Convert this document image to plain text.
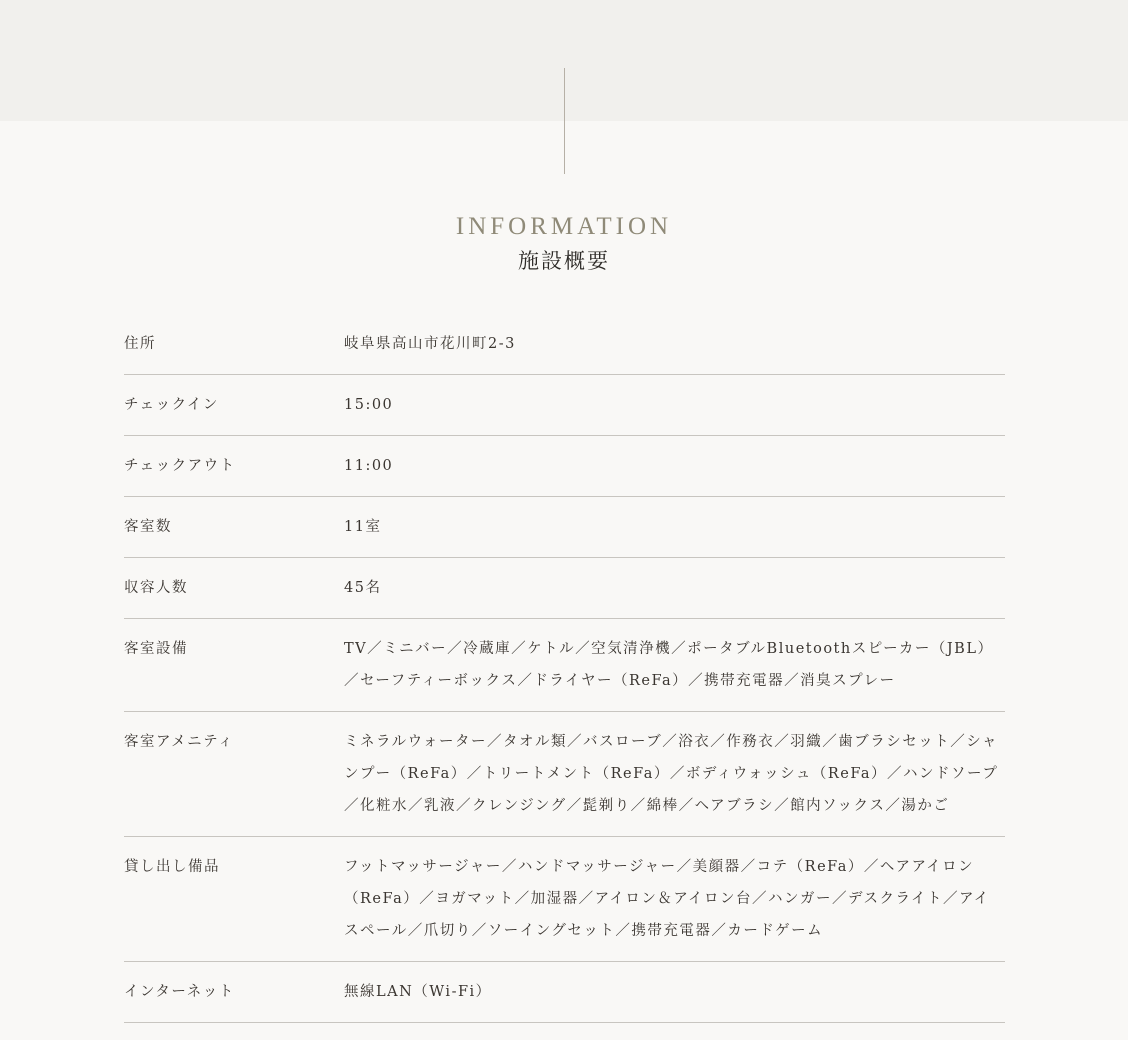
INFORMATION
施設概要
住所	岐阜県高山市花川町2-3
チェックイン	15:00
チェックアウト	11:00
客室数	11室
収容人数	45名
客室設備	TV／ミニバー／冷蔵庫／ケトル／空気清浄機／ポータブルBluetoothスピーカー（JBL）／セーフティーボックス／ドライヤー（ReFa）／携帯充電器／消臭スプレー
客室アメニティ	ミネラルウォーター／タオル類／バスローブ／浴衣／作務衣／羽織／歯ブラシセット／シャンプー（ReFa）／トリートメント（ReFa）／ボディウォッシュ（ReFa）／ハンドソープ／化粧水／乳液／クレンジング／髭剃り／綿棒／ヘアブラシ／館内ソックス／湯かご
貸し出し備品	フットマッサージャー／ハンドマッサージャー／美顔器／コテ（ReFa）／ヘアアイロン（ReFa）／ヨガマット／加湿器／アイロン＆アイロン台／ハンガー／デスクライト／アイスペール／爪切り／ソーイングセット／携帯充電器／カードゲーム
インターネット	無線LAN（Wi-Fi）
